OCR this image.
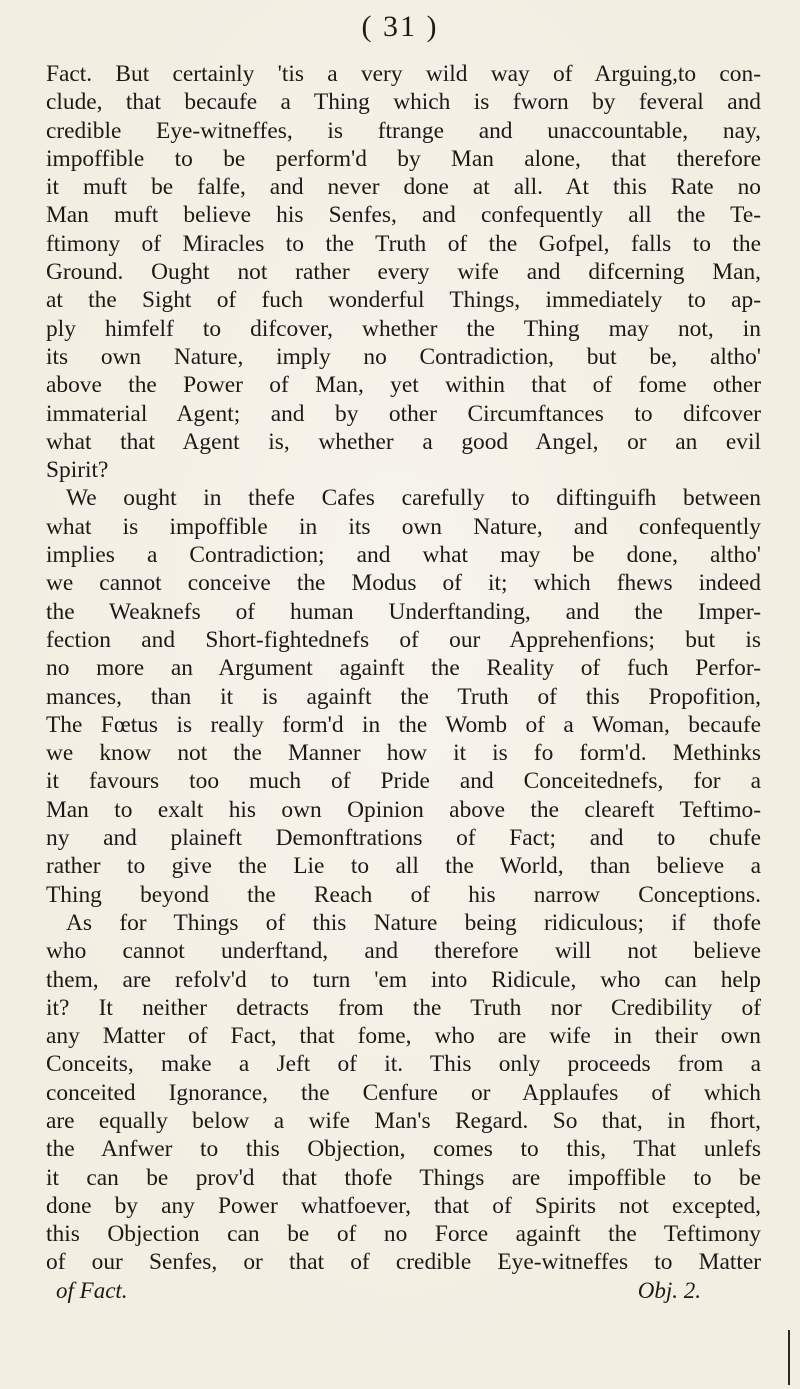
( 31 )
Fact. But certainly 'tis a very wild way of Arguing,to con-
clude, that becaufe a Thing which is fworn by feveral and
credible Eye-witneffes, is ftrange and unaccountable, nay,
impoffible to be perform'd by Man alone, that therefore
it muft be falfe, and never done at all. At this Rate no
Man muft believe his Senfes, and confequently all the Te-
ftimony of Miracles to the Truth of the Gofpel, falls to the
Ground. Ought not rather every wife and difcerning Man,
at the Sight of fuch wonderful Things, immediately to ap-
ply himfelf to difcover, whether the Thing may not, in
its own Nature, imply no Contradiction, but be, altho'
above the Power of Man, yet within that of fome other
immaterial Agent; and by other Circumftances to difcover
what that Agent is, whether a good Angel, or an evil
Spirit?
We ought in thefe Cafes carefully to diftinguifh between
what is impoffible in its own Nature, and confequently
implies a Contradiction; and what may be done, altho'
we cannot conceive the Modus of it; which fhews indeed
the Weaknefs of human Underftanding, and the Imper-
fection and Short-fightednefs of our Apprehenfions; but is
no more an Argument againft the Reality of fuch Perfor-
mances, than it is againft the Truth of this Propofition,
The Fœtus is really form'd in the Womb of a Woman, becaufe
we know not the Manner how it is fo form'd. Methinks
it favours too much of Pride and Conceitednefs, for a
Man to exalt his own Opinion above the cleareft Teftimo-
ny and plaineft Demonftrations of Fact; and to chufe
rather to give the Lie to all the World, than believe a
Thing beyond the Reach of his narrow Conceptions.
As for Things of this Nature being ridiculous; if thofe
who cannot underftand, and therefore will not believe
them, are refolv'd to turn 'em into Ridicule, who can help
it? It neither detracts from the Truth nor Credibility of
any Matter of Fact, that fome, who are wife in their own
Conceits, make a Jeft of it. This only proceeds from a
conceited Ignorance, the Cenfure or Applaufes of which
are equally below a wife Man's Regard. So that, in fhort,
the Anfwer to this Objection, comes to this, That unlefs
it can be prov'd that thofe Things are impoffible to be
done by any Power whatfoever, that of Spirits not excepted,
this Objection can be of no Force againft the Teftimony
of our Senfes, or that of credible Eye-witneffes to Matter
of Fact.	Obj. 2.
